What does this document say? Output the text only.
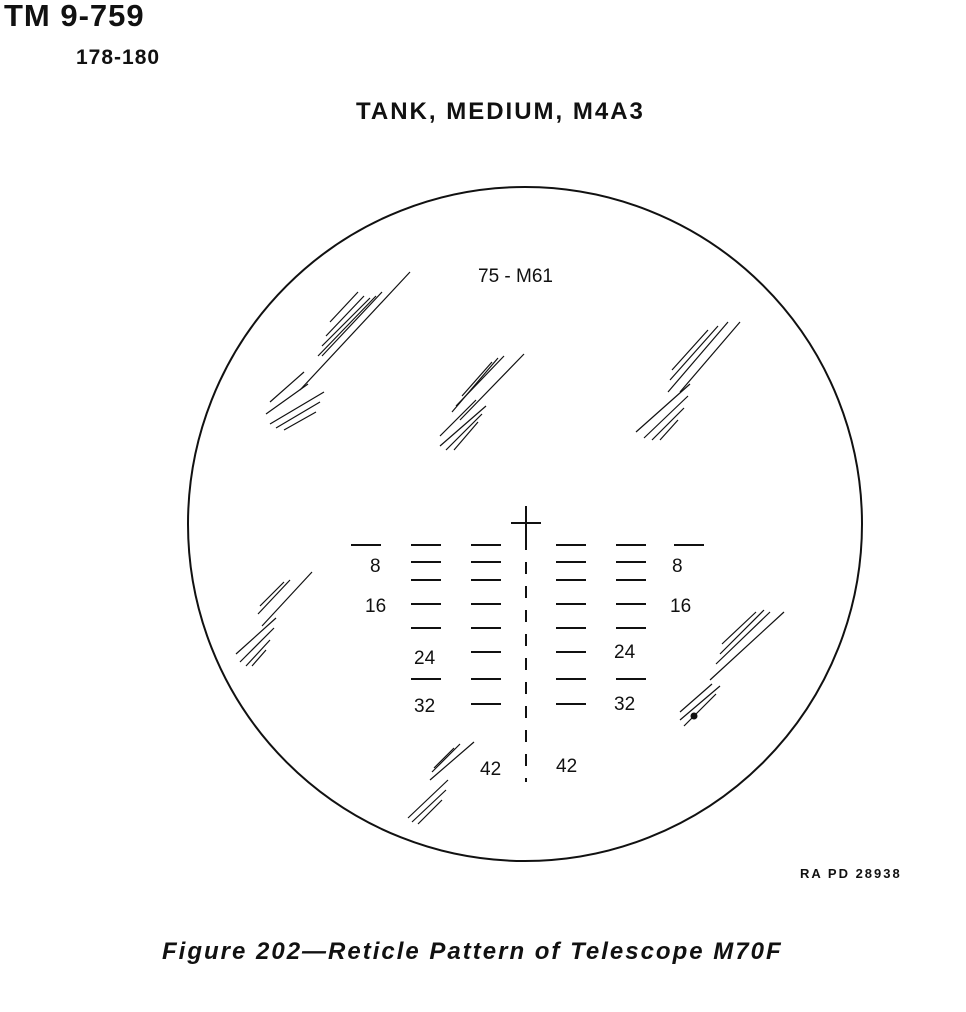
TM 9-759
178-180
TANK, MEDIUM, M4A3
75 - M61
8
16
24
32
42
8
16
24
32
42
RA PD 28938
Figure 202—Reticle Pattern of Telescope M70F
